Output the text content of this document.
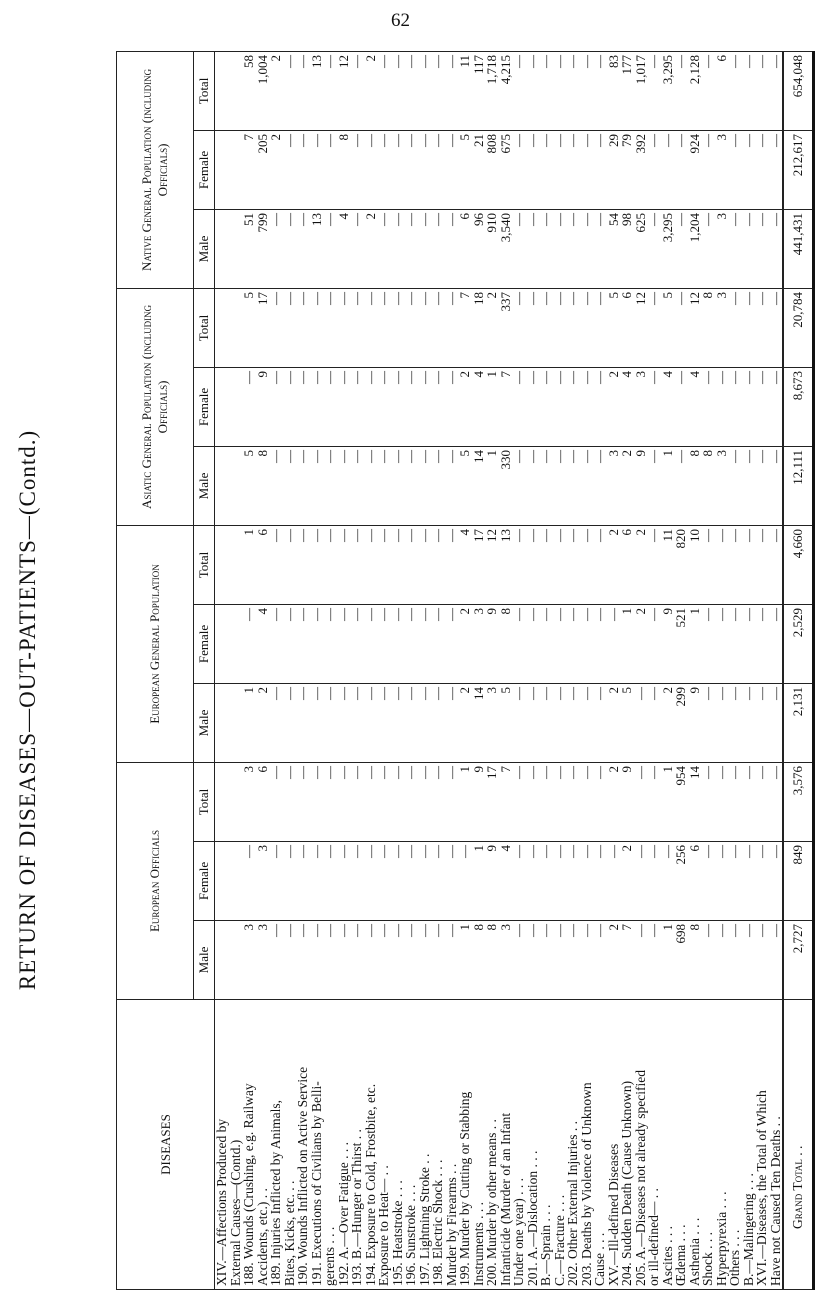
62
RETURN OF DISEASES—OUT-PATIENTS—(Contd.)
DISEASES	European Officials			European General Population			Asiatic General Population (including Officials)			Native General Population (including Officials)		
	Male	Female	Total	Male	Female	Total	Male	Female	Total	Male	Female	Total
XIV.—Affections Produced by												
External Causes—(Contd.)												
188. Wounds (Crushing, e.g. Railway	3	—	3	1	—	1	5	—	5	51	7	58
Accidents, etc.) . .	3	3	6	2	4	6	8	9	17	799	205	1,004
189. Injuries Inflicted by Animals,	—	—	—	—	—	—	—	—	—	—	2	2
Bites, Kicks, etc. . .	—	—	—	—	—	—	—	—	—	—	—	—
190. Wounds Inflicted on Active Service	—	—	—	—	—	—	—	—	—	—	—	—
191. Executions of Civilians by Belli-	—	—	—	—	—	—	—	—	—	13	—	13
gerents . . .	—	—	—	—	—	—	—	—	—	—	—	—
192. A.—Over Fatigue . . .	—	—	—	—	—	—	—	—	—	4	8	12
193. B.—Hunger or Thirst . .	—	—	—	—	—	—	—	—	—	—	—	—
194. Exposure to Cold, Frostbite, etc.	—	—	—	—	—	—	—	—	—	2	—	2
Exposure to Heat— . .	—	—	—	—	—	—	—	—	—	—	—	—
195. Heatstroke . . .	—	—	—	—	—	—	—	—	—	—	—	—
196. Sunstroke . . .	—	—	—	—	—	—	—	—	—	—	—	—
197. Lightning Stroke . .	—	—	—	—	—	—	—	—	—	—	—	—
198. Electric Shock . . .	—	—	—	—	—	—	—	—	—	—	—	—
Murder by Firearms . .	—	—	—	—	—	—	—	—	—	—	—	—
199. Murder by Cutting or Stabbing	1	—	1	2	2	4	5	2	7	6	5	11
Instruments . . .	8	1	9	14	3	17	14	4	18	96	21	117
200. Murder by other means . .	8	9	17	3	9	12	1	1	2	910	808	1,718
Infanticide (Murder of an Infant	3	4	7	5	8	13	330	7	337	3,540	675	4,215
Under one year) . . .	—	—	—	—	—	—	—	—	—	—	—	—
201. A.—Dislocation . . .	—	—	—	—	—	—	—	—	—	—	—	—
B.—Sprain . . .	—	—	—	—	—	—	—	—	—	—	—	—
C.—Fracture . . .	—	—	—	—	—	—	—	—	—	—	—	—
202. Other External Injuries . .	—	—	—	—	—	—	—	—	—	—	—	—
203. Deaths by Violence of Unknown	—	—	—	—	—	—	—	—	—	—	—	—
Cause . . .	—	—	—	—	—	—	—	—	—	—	—	—
XV.—Ill-defined Diseases	2	—	2	2	—	2	3	2	5	54	29	83
204. Sudden Death (Cause Unknown)	7	2	9	5	1	6	2	4	6	98	79	177
205. A.—Diseases not already specified	—	—	—	—	2	2	9	3	12	625	392	1,017
or ill-defined— . .	—	—	—	—	—	—	—	—	—	—	—	—
Ascites . . .	1	—	1	2	9	11	1	4	5	3,295	—	3,295
Œdema . . .	698	256	954	299	521	820	—	—	—	—	—	—
Asthenia . . .	8	6	14	9	1	10	8	4	12	1,204	924	2,128
Shock . . .	—	—	—	—	—	—	8	—	8	—	—	—
Hyperpyrexia . . .	—	—	—	—	—	—	3	—	3	3	3	6
Others . . .	—	—	—	—	—	—	—	—	—	—	—	—
B.—Malingering . . .	—	—	—	—	—	—	—	—	—	—	—	—
XVI.—Diseases, the Total of Which	—	—	—	—	—	—	—	—	—	—	—	—
Have not Caused Ten Deaths . .	—	—	—	—	—	—	—	—	—	—	—	—
Grand Total . .	2,727	849	3,576	2,131	2,529	4,660	12,111	8,673	20,784	441,431	212,617	654,048
